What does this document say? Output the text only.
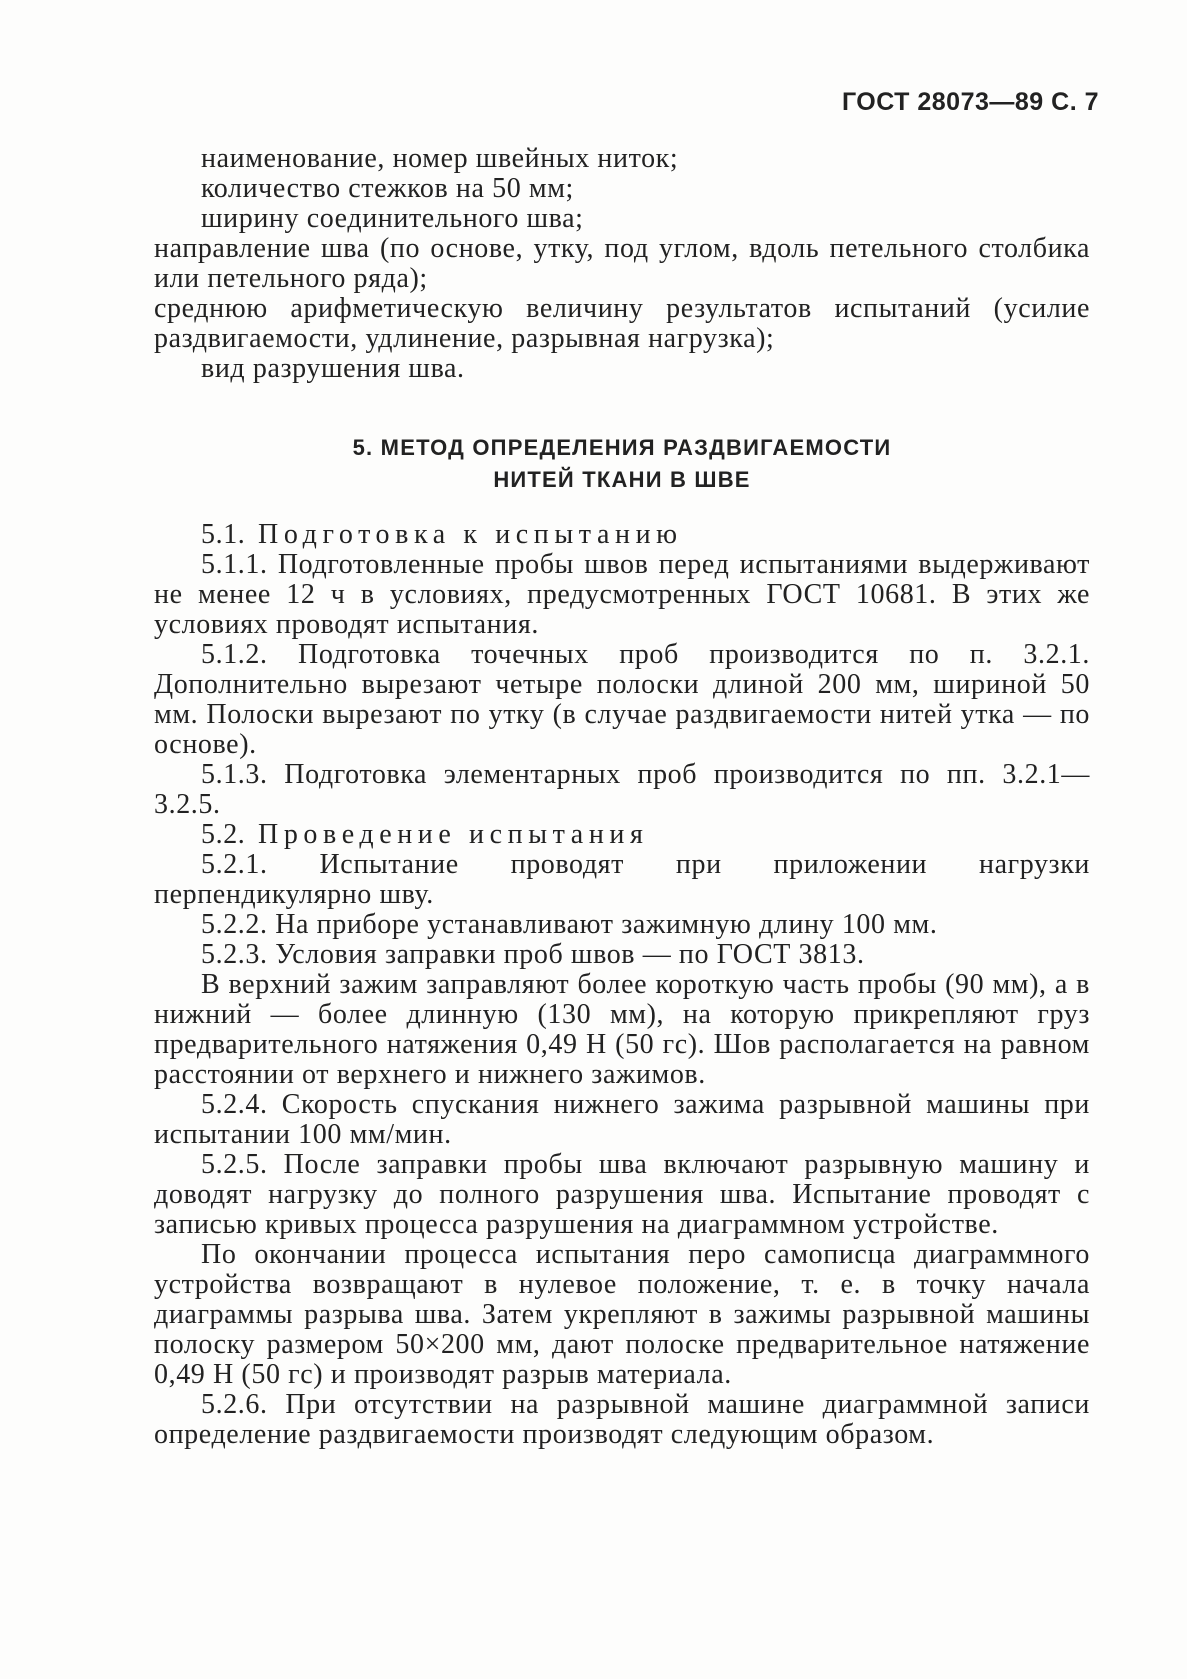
ГОСТ 28073—89 С. 7

наименование, номер швейных ниток;

количество стежков на 50 мм;

ширину соединительного шва;

направление шва (по основе, утку, под углом, вдоль петельного столбика или петельного ряда);

среднюю арифметическую величину результатов испытаний (усилие раздвигаемости, удлинение, разрывная нагрузка);

вид разрушения шва.

5. МЕТОД ОПРЕДЕЛЕНИЯ РАЗДВИГАЕМОСТИ

НИТЕЙ ТКАНИ В ШВЕ

5.1. Подготовка к испытанию

5.1.1. Подготовленные пробы швов перед испытаниями выдерживают не менее 12 ч в условиях, предусмотренных ГОСТ 10681. В этих же условиях проводят испытания.

5.1.2. Подготовка точечных проб производится по п. 3.2.1. Дополнительно вырезают четыре полоски длиной 200 мм, шириной 50 мм. Полоски вырезают по утку (в случае раздвигаемости нитей утка — по основе).

5.1.3. Подготовка элементарных проб производится по пп. 3.2.1—3.2.5.

5.2. Проведение испытания

5.2.1. Испытание проводят при приложении нагрузки перпендикулярно шву.

5.2.2. На приборе устанавливают зажимную длину 100 мм.

5.2.3. Условия заправки проб швов — по ГОСТ 3813.

В верхний зажим заправляют более короткую часть пробы (90 мм), а в нижний — более длинную (130 мм), на которую прикрепляют груз предварительного натяжения 0,49 Н (50 гс). Шов располагается на равном расстоянии от верхнего и нижнего зажимов.

5.2.4. Скорость спускания нижнего зажима разрывной машины при испытании 100 мм/мин.

5.2.5. После заправки пробы шва включают разрывную машину и доводят нагрузку до полного разрушения шва. Испытание проводят с записью кривых процесса разрушения на диаграммном устройстве.

По окончании процесса испытания перо самописца диаграммного устройства возвращают в нулевое положение, т. е. в точку начала диаграммы разрыва шва. Затем укрепляют в зажимы разрывной машины полоску размером 50×200 мм, дают полоске предварительное натяжение 0,49 Н (50 гс) и производят разрыв материала.

5.2.6. При отсутствии на разрывной машине диаграммной записи определение раздвигаемости производят следующим образом.
